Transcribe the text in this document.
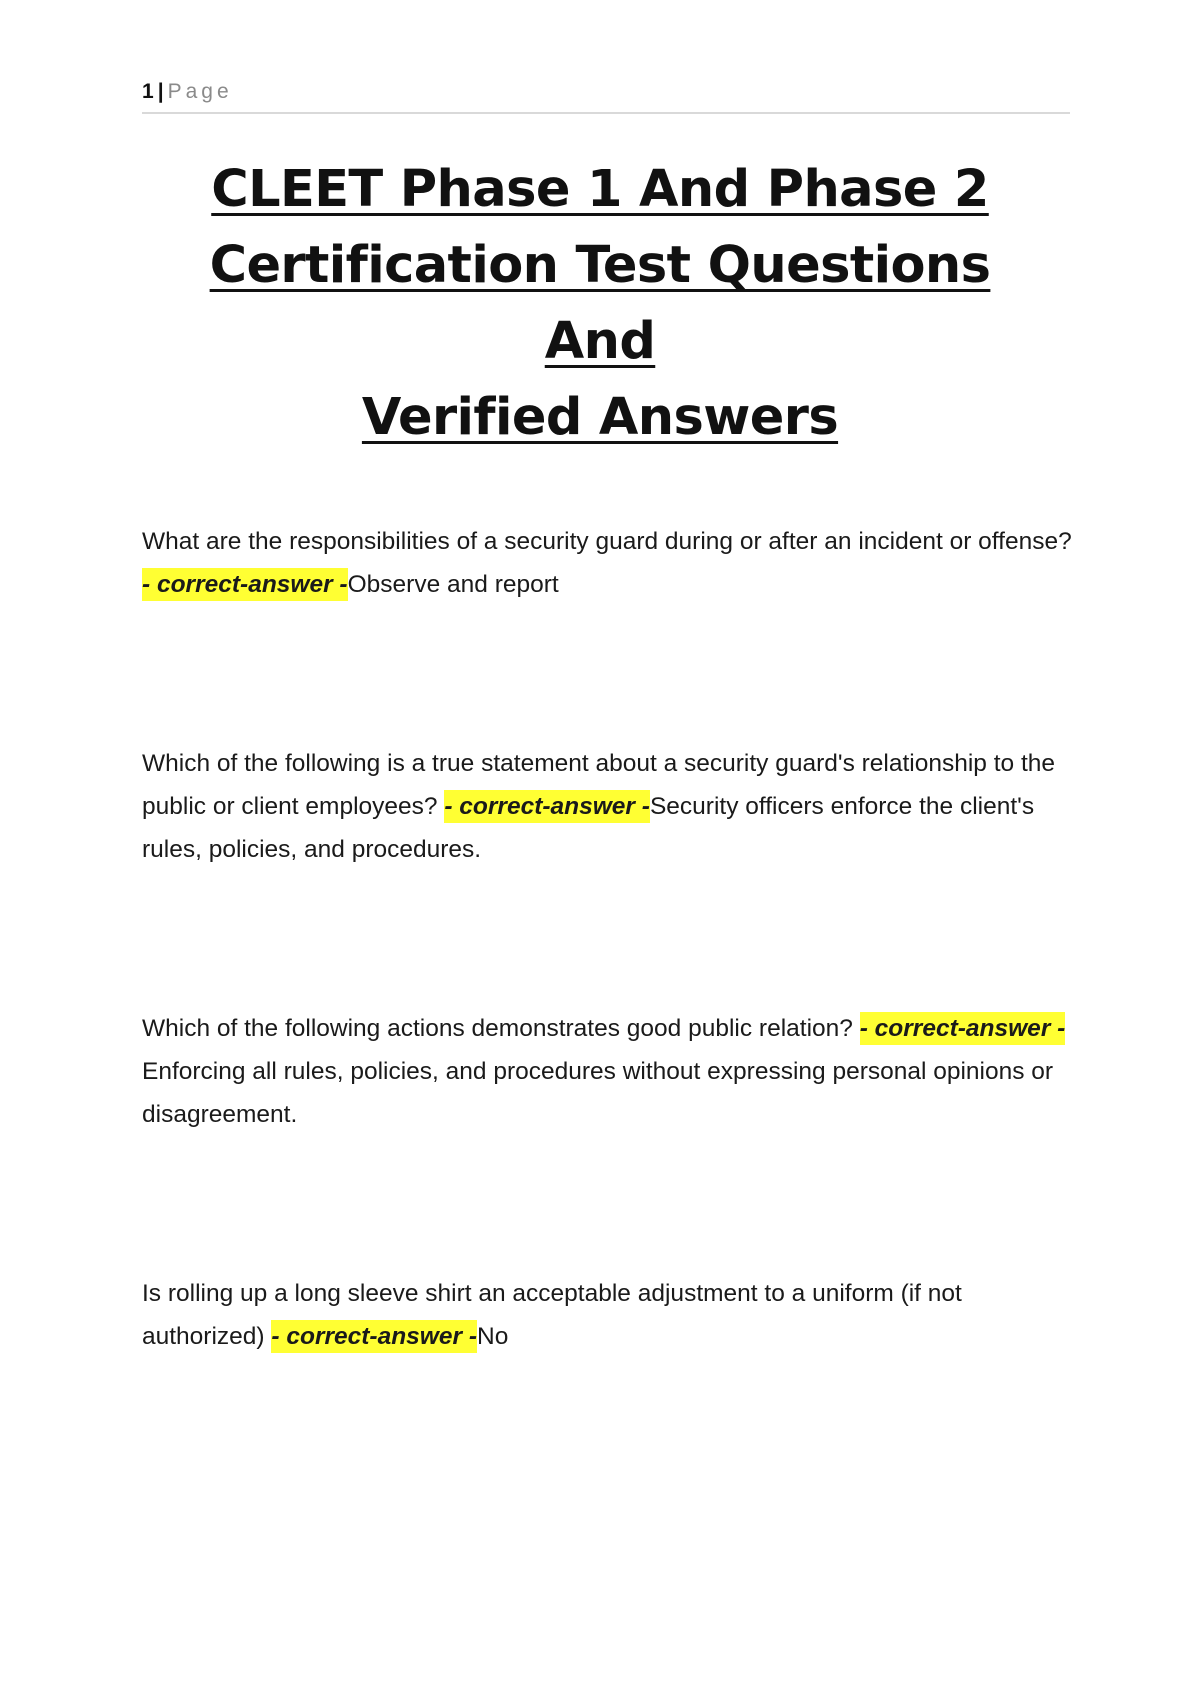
1 | Page
CLEET Phase 1 And Phase 2
Certification Test Questions And
Verified Answers

What are the responsibilities of a security guard during or after an incident or offense? - correct-answer -Observe and report

Which of the following is a true statement about a security guard's relationship to the public or client employees? - correct-answer -Security officers enforce the client's rules, policies, and procedures.

Which of the following actions demonstrates good public relation? - correct-answer -Enforcing all rules, policies, and procedures without expressing personal opinions or disagreement.

Is rolling up a long sleeve shirt an acceptable adjustment to a uniform (if not authorized) - correct-answer -No
